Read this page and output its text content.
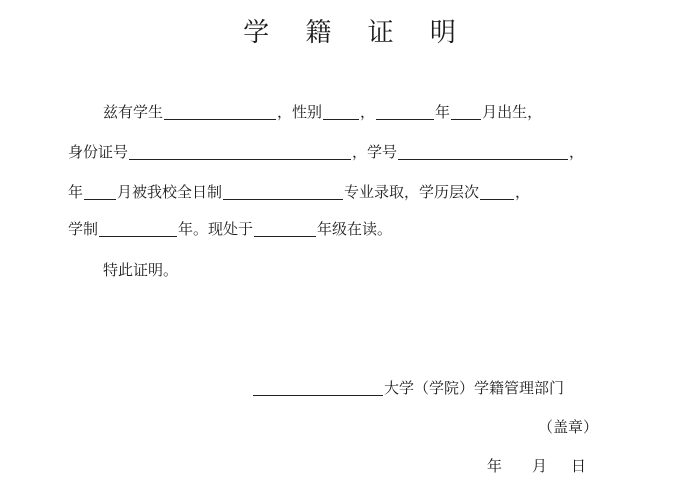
学 籍 证 明
兹有学生	，性别	，	年 月出生，
身份证号	，学号	，
年 月被我校全日制	专业录取，学历层次 ，
学制	年。现处于	年级在读。
特此证明。
大学（学院）学籍管理部门
（盖章）
年 月 日
